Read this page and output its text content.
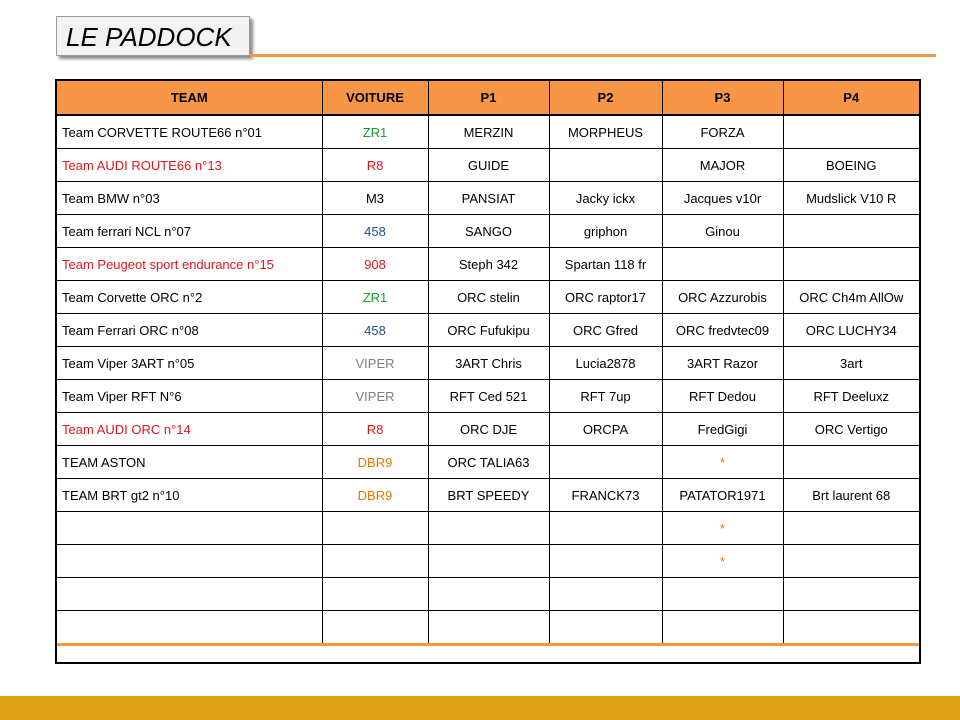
LE PADDOCK
TEAM	VOITURE	P1	P2	P3	P4
Team CORVETTE ROUTE66 n°01	ZR1	MERZIN	MORPHEUS	FORZA	
Team AUDI ROUTE66 n°13	R8	GUIDE		MAJOR	BOEING
Team BMW n°03	M3	PANSIAT	Jacky ickx	Jacques v10r	Mudslick V10 R
Team ferrari NCL n°07	458	SANGO	griphon	Ginou	
Team Peugeot sport endurance n°15	908	Steph 342	Spartan 118 fr		
Team Corvette ORC n°2	ZR1	ORC stelin	ORC raptor17	ORC Azzurobis	ORC Ch4m AllOw
Team Ferrari ORC n°08	458	ORC Fufukipu	ORC Gfred	ORC fredvtec09	ORC LUCHY34
Team Viper 3ART n°05	VIPER	3ART Chris	Lucia2878	3ART Razor	3art
Team Viper RFT N°6	VIPER	RFT Ced 521	RFT 7up	RFT Dedou	RFT Deeluxz
Team AUDI ORC n°14	R8	ORC DJE	ORCPA	FredGigi	ORC Vertigo
TEAM ASTON	DBR9	ORC TALIA63		*	
TEAM BRT gt2 n°10	DBR9	BRT SPEEDY	FRANCK73	PATATOR1971	Brt laurent 68
				*	
				*	
